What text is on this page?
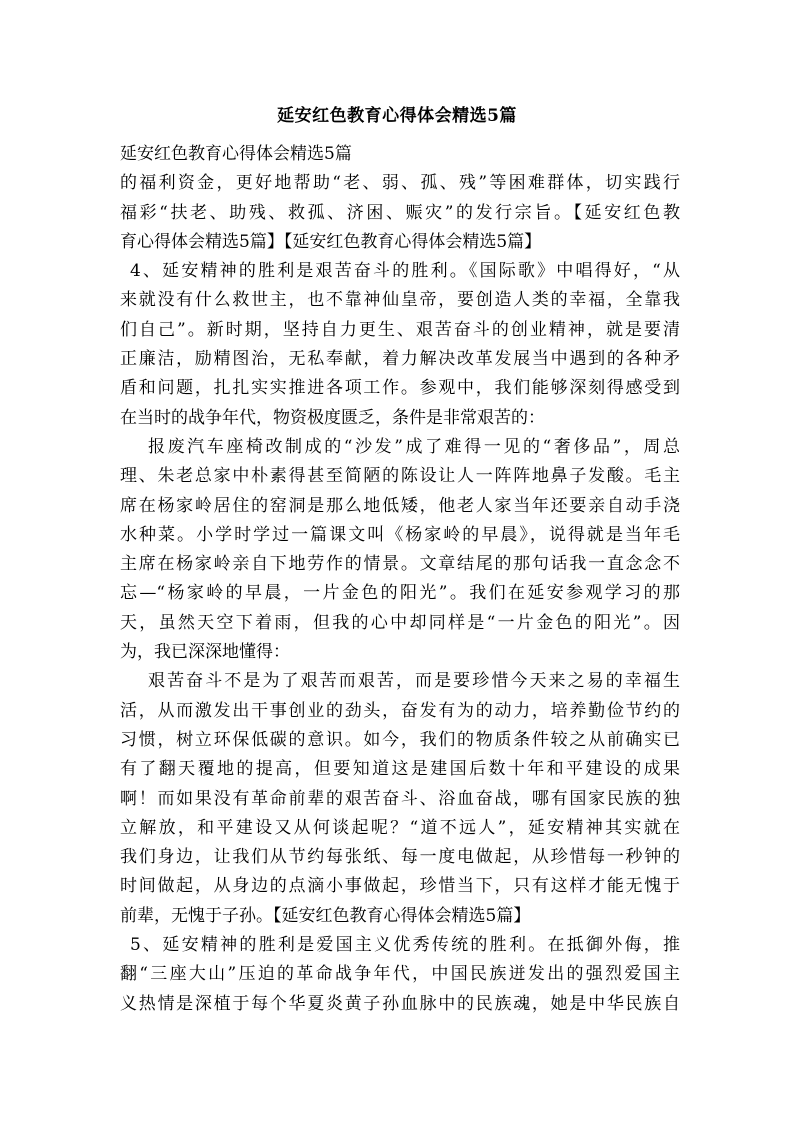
延安红色教育心得体会精选5篇
延安红色教育心得体会精选5篇
的福利资金，更好地帮助“老、弱、孤、残”等困难群体，切实践行
福彩“扶老、助残、救孤、济困、赈灾”的发行宗旨。【延安红色教
育心得体会精选5篇】【延安红色教育心得体会精选5篇】
4、延安精神的胜利是艰苦奋斗的胜利。《国际歌》中唱得好，“从
来就没有什么救世主，也不靠神仙皇帝，要创造人类的幸福，全靠我
们自己”。新时期，坚持自力更生、艰苦奋斗的创业精神，就是要清
正廉洁，励精图治，无私奉献，着力解决改革发展当中遇到的各种矛
盾和问题，扎扎实实推进各项工作。参观中，我们能够深刻得感受到
在当时的战争年代，物资极度匮乏，条件是非常艰苦的：
报废汽车座椅改制成的“沙发”成了难得一见的“奢侈品”，周总
理、朱老总家中朴素得甚至简陋的陈设让人一阵阵地鼻子发酸。毛主
席在杨家岭居住的窑洞是那么地低矮，他老人家当年还要亲自动手浇
水种菜。小学时学过一篇课文叫《杨家岭的早晨》，说得就是当年毛
主席在杨家岭亲自下地劳作的情景。文章结尾的那句话我一直念念不
忘—“杨家岭的早晨，一片金色的阳光”。我们在延安参观学习的那
天，虽然天空下着雨，但我的心中却同样是“一片金色的阳光”。因
为，我已深深地懂得：
艰苦奋斗不是为了艰苦而艰苦，而是要珍惜今天来之易的幸福生
活，从而激发出干事创业的劲头，奋发有为的动力，培养勤俭节约的
习惯，树立环保低碳的意识。如今，我们的物质条件较之从前确实已
有了翻天覆地的提高，但要知道这是建国后数十年和平建设的成果
啊！而如果没有革命前辈的艰苦奋斗、浴血奋战，哪有国家民族的独
立解放，和平建设又从何谈起呢？“道不远人”，延安精神其实就在
我们身边，让我们从节约每张纸、每一度电做起，从珍惜每一秒钟的
时间做起，从身边的点滴小事做起，珍惜当下，只有这样才能无愧于
前辈，无愧于子孙。【延安红色教育心得体会精选5篇】
5、延安精神的胜利是爱国主义优秀传统的胜利。在抵御外侮，推
翻“三座大山”压迫的革命战争年代，中国民族迸发出的强烈爱国主
义热情是深植于每个华夏炎黄子孙血脉中的民族魂，她是中华民族自
